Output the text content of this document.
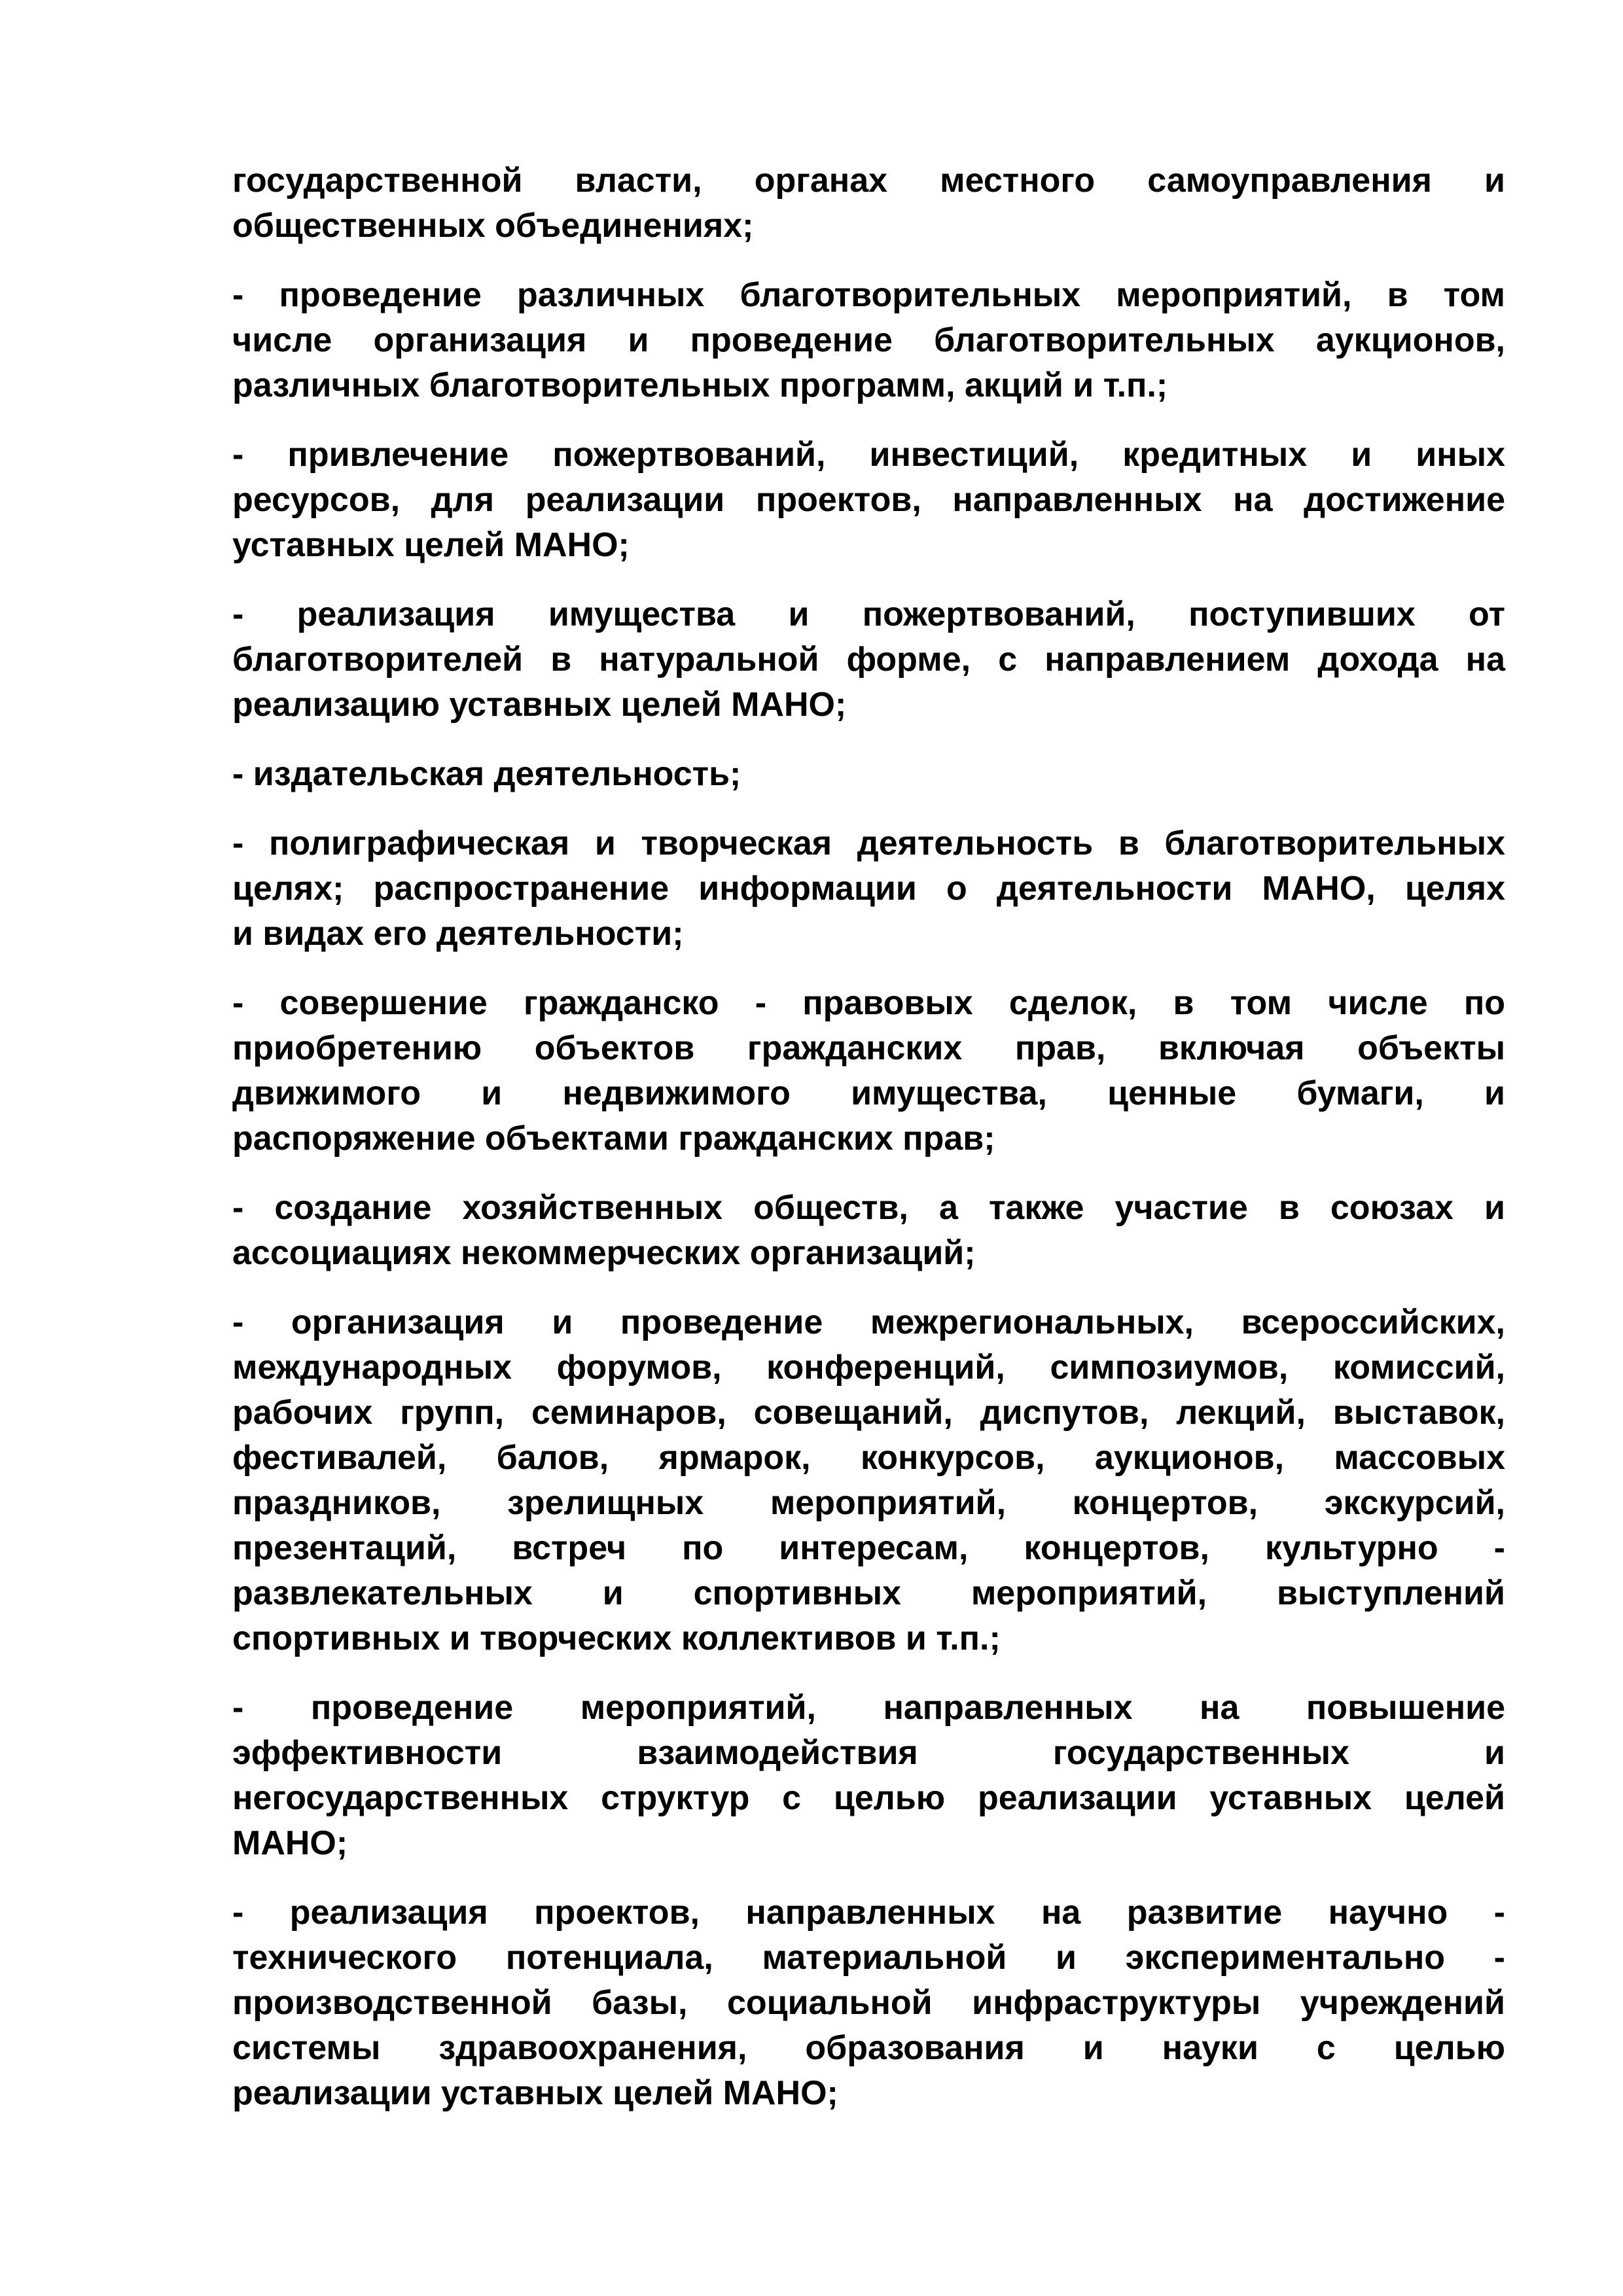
государственной власти, органах местного самоуправления и
общественных объединениях;

- проведение различных благотворительных мероприятий, в том
числе организация и проведение благотворительных аукционов,
различных благотворительных программ, акций и т.п.;

- привлечение пожертвований, инвестиций, кредитных и иных
ресурсов, для реализации проектов, направленных на достижение
уставных целей МАНО;

- реализация имущества и пожертвований, поступивших от
благотворителей в натуральной форме, с направлением дохода на
реализацию уставных целей МАНО;

- издательская деятельность;

- полиграфическая и творческая деятельность в благотворительных
целях; распространение информации о деятельности МАНО, целях
и видах его деятельности;

- совершение гражданско - правовых сделок, в том числе по
приобретению объектов гражданских прав, включая объекты
движимого и недвижимого имущества, ценные бумаги, и
распоряжение объектами гражданских прав;

- создание хозяйственных обществ, а также участие в союзах и
ассоциациях некоммерческих организаций;

- организация и проведение межрегиональных, всероссийских,
международных форумов, конференций, симпозиумов, комиссий,
рабочих групп, семинаров, совещаний, диспутов, лекций, выставок,
фестивалей, балов, ярмарок, конкурсов, аукционов, массовых
праздников, зрелищных мероприятий, концертов, экскурсий,
презентаций, встреч по интересам, концертов, культурно -
развлекательных и спортивных мероприятий, выступлений
спортивных и творческих коллективов и т.п.;

- проведение мероприятий, направленных на повышение
эффективности взаимодействия государственных и
негосударственных структур с целью реализации уставных целей
МАНО;

- реализация проектов, направленных на развитие научно -
технического потенциала, материальной и экспериментально -
производственной базы, социальной инфраструктуры учреждений
системы здравоохранения, образования и науки с целью
реализации уставных целей МАНО;
